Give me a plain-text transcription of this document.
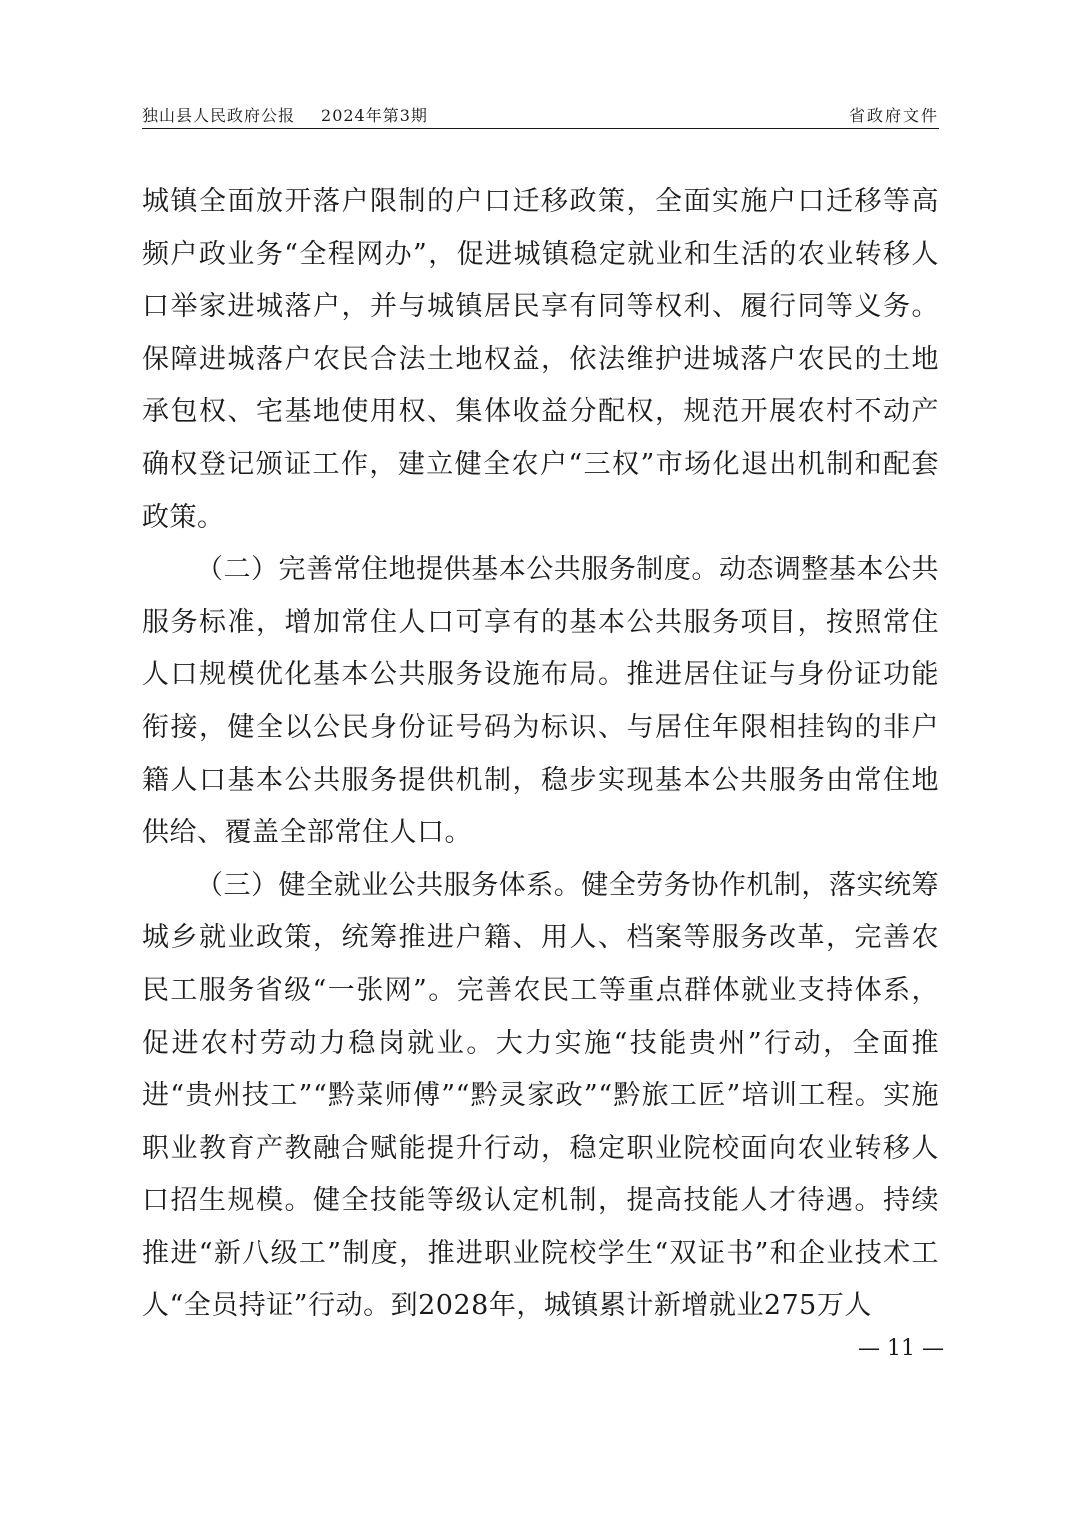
独山县人民政府公报 2024年第3期	省政府文件

城镇全面放开落户限制的户口迁移政策，全面实施户口迁移等高频户政业务“全程网办”，促进城镇稳定就业和生活的农业转移人口举家进城落户，并与城镇居民享有同等权利、履行同等义务。保障进城落户农民合法土地权益，依法维护进城落户农民的土地承包权、宅基地使用权、集体收益分配权，规范开展农村不动产确权登记颁证工作，建立健全农户“三权”市场化退出机制和配套政策。

（二）完善常住地提供基本公共服务制度。动态调整基本公共服务标准，增加常住人口可享有的基本公共服务项目，按照常住人口规模优化基本公共服务设施布局。推进居住证与身份证功能衔接，健全以公民身份证号码为标识、与居住年限相挂钩的非户籍人口基本公共服务提供机制，稳步实现基本公共服务由常住地供给、覆盖全部常住人口。

（三）健全就业公共服务体系。健全劳务协作机制，落实统筹城乡就业政策，统筹推进户籍、用人、档案等服务改革，完善农民工服务省级“一张网”。完善农民工等重点群体就业支持体系，促进农村劳动力稳岗就业。大力实施“技能贵州”行动，全面推进“贵州技工”“黔菜师傅”“黔灵家政”“黔旅工匠”培训工程。实施职业教育产教融合赋能提升行动，稳定职业院校面向农业转移人口招生规模。健全技能等级认定机制，提高技能人才待遇。持续推进“新八级工”制度，推进职业院校学生“双证书”和企业技术工人“全员持证”行动。到2028年，城镇累计新增就业275万人

— 11 —
